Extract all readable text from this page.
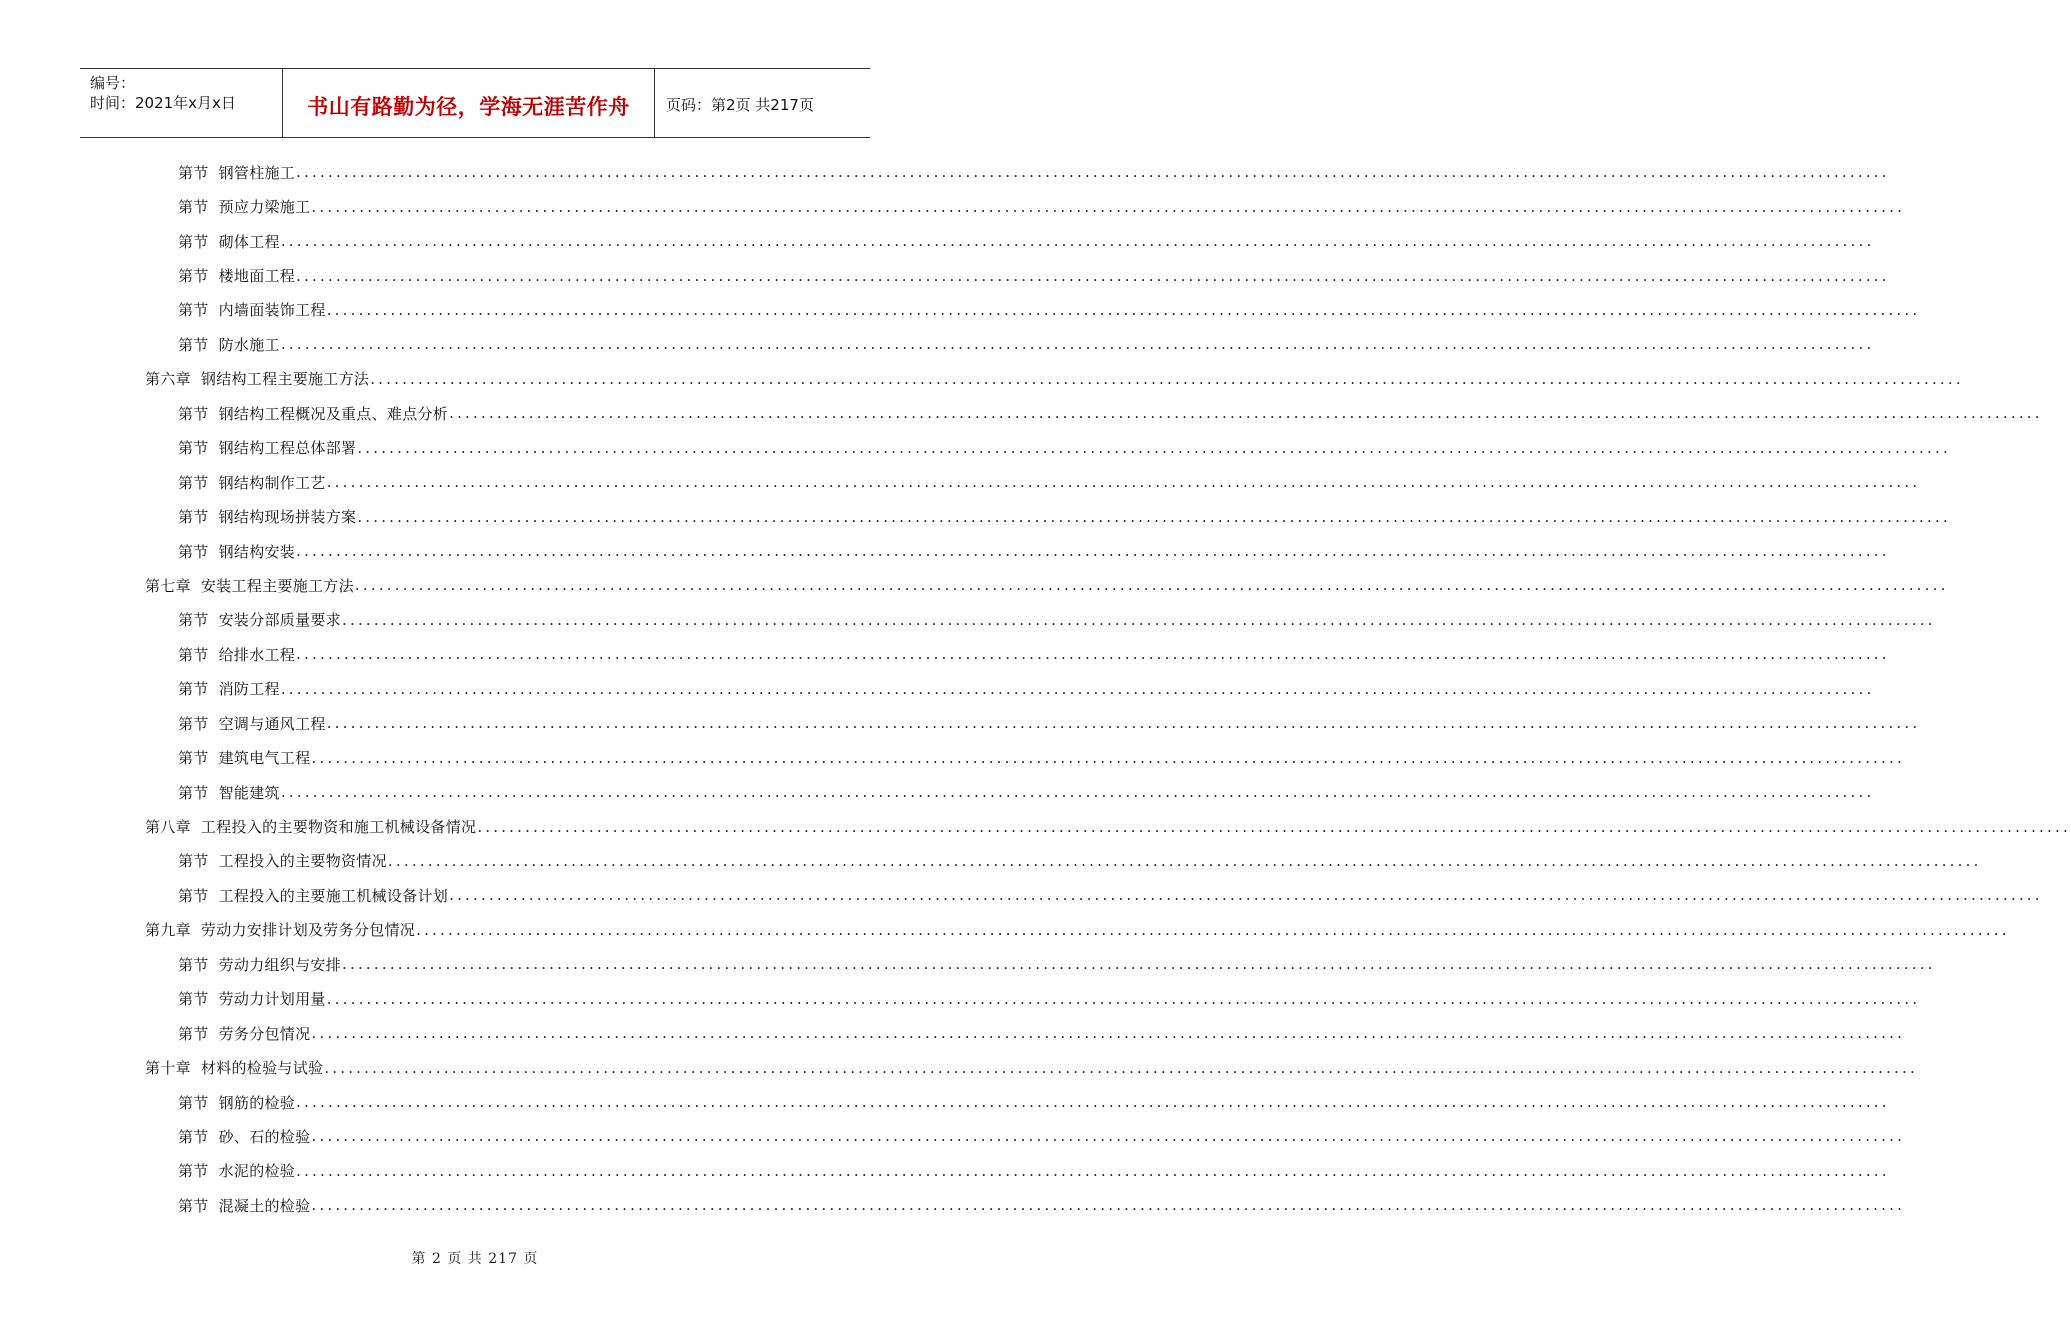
编号：
时间：2021年x月x日	书山有路勤为径，学海无涯苦作舟	页码：第2页 共217页
第节 钢管柱施工 ........................................................................................................................................................................................................
第节 预应力梁施工 ........................................................................................................................................................................................................
第节 砌体工程 ........................................................................................................................................................................................................
第节 楼地面工程 ........................................................................................................................................................................................................
第节 内墙面装饰工程 ........................................................................................................................................................................................................
第节 防水施工 ........................................................................................................................................................................................................
第六章 钢结构工程主要施工方法 ........................................................................................................................................................................................................
第节 钢结构工程概况及重点、难点分析 ........................................................................................................................................................................................................
第节 钢结构工程总体部署 ........................................................................................................................................................................................................
第节 钢结构制作工艺 ........................................................................................................................................................................................................
第节 钢结构现场拼装方案 ........................................................................................................................................................................................................
第节 钢结构安装 ........................................................................................................................................................................................................
第七章 安装工程主要施工方法 ........................................................................................................................................................................................................
第节 安装分部质量要求 ........................................................................................................................................................................................................
第节 给排水工程 ........................................................................................................................................................................................................
第节 消防工程 ........................................................................................................................................................................................................
第节 空调与通风工程 ........................................................................................................................................................................................................
第节 建筑电气工程 ........................................................................................................................................................................................................
第节 智能建筑 ........................................................................................................................................................................................................
第八章 工程投入的主要物资和施工机械设备情况 ........................................................................................................................................................................................................
第节 工程投入的主要物资情况 ........................................................................................................................................................................................................
第节 工程投入的主要施工机械设备计划 ........................................................................................................................................................................................................
第九章 劳动力安排计划及劳务分包情况 ........................................................................................................................................................................................................
第节 劳动力组织与安排 ........................................................................................................................................................................................................
第节 劳动力计划用量 ........................................................................................................................................................................................................
第节 劳务分包情况 ........................................................................................................................................................................................................
第十章 材料的检验与试验 ........................................................................................................................................................................................................
第节 钢筋的检验 ........................................................................................................................................................................................................
第节 砂、石的检验 ........................................................................................................................................................................................................
第节 水泥的检验 ........................................................................................................................................................................................................
第节 混凝土的检验 ........................................................................................................................................................................................................
第 2 页 共 217 页
